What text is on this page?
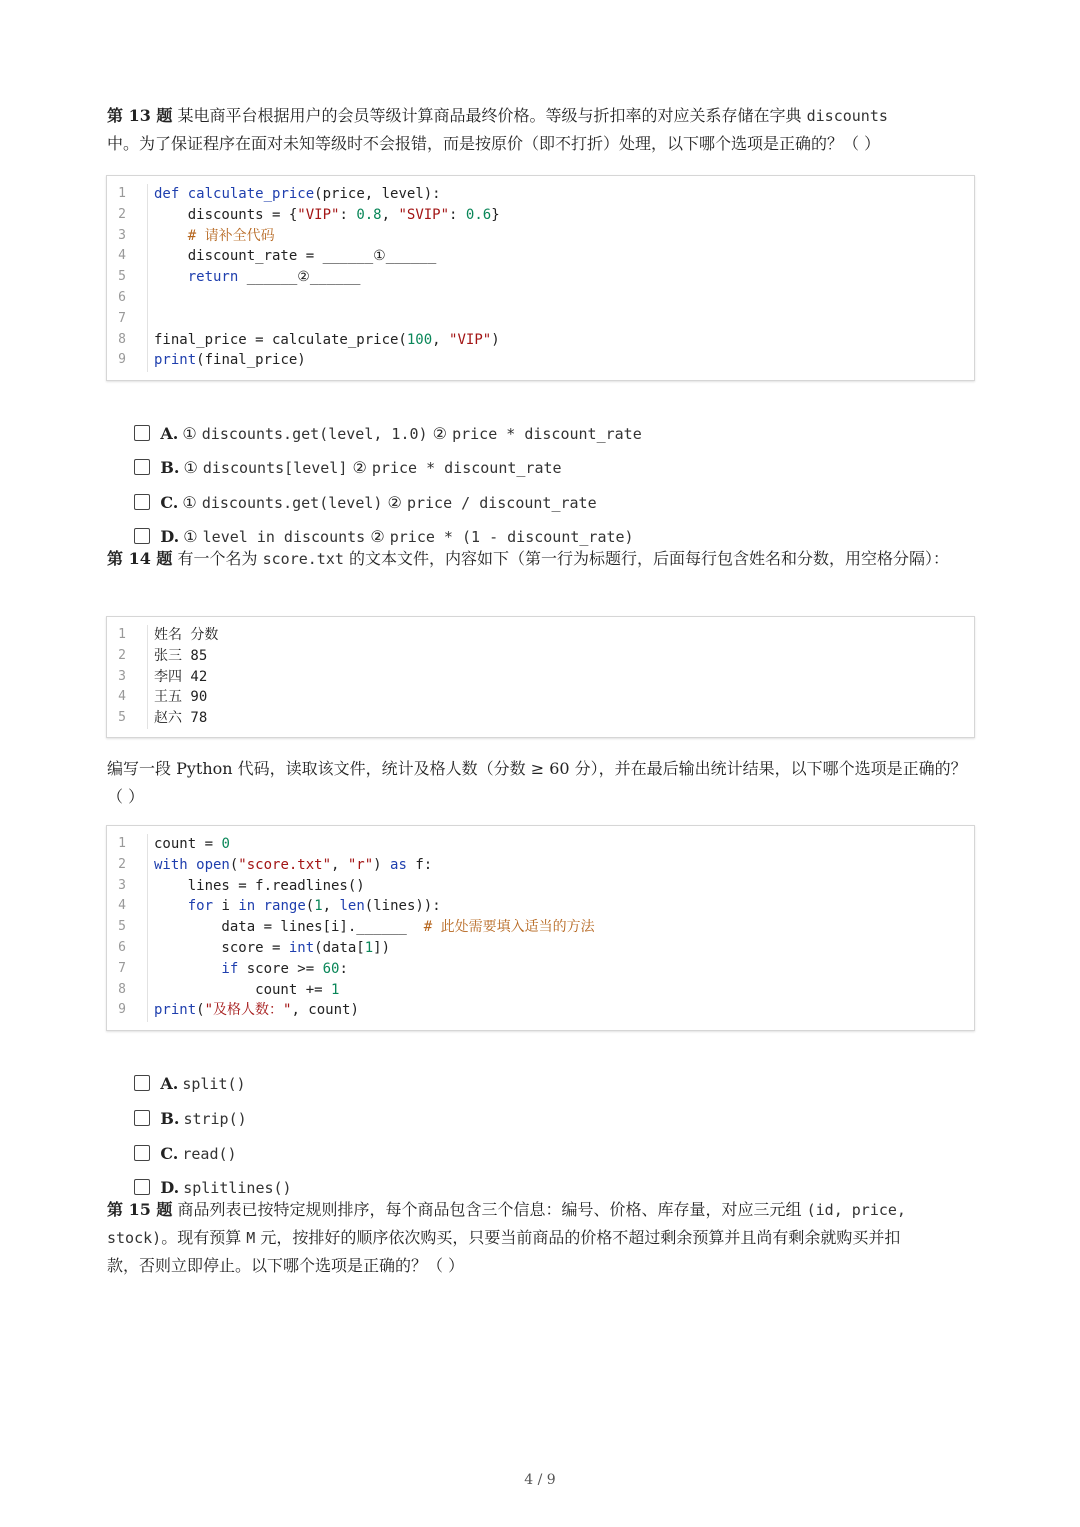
第 13 题 某电商平台根据用户的会员等级计算商品最终价格。等级与折扣率的对应关系存储在字典 discounts
中。为了保证程序在面对未知等级时不会报错，而是按原价（即不打折）处理，以下哪个选项是正确的？（ ）
1	def calculate_price(price, level):
2	discounts = {"VIP": 0.8, "SVIP": 0.6}
3	# 请补全代码
4	discount_rate = ______①______
5	return ______②______
6
7
8	final_price = calculate_price(100, "VIP")
9	print(final_price)

A. ① discounts.get(level, 1.0) ② price * discount_rate

B. ① discounts[level] ② price * discount_rate

C. ① discounts.get(level) ② price / discount_rate

D. ① level in discounts ② price * (1 - discount_rate)

第 14 题 有一个名为 score.txt 的文本文件，内容如下（第一行为标题行，后面每行包含姓名和分数，用空格分隔）：
1	姓名 分数
2	张三 85
3	李四 42
4	王五 90
5	赵六 78
编写一段 Python 代码，读取该文件，统计及格人数（分数 ≥ 60 分），并在最后输出统计结果，以下哪个选项是正确的？（ ）
1	count = 0
2	with open("score.txt", "r") as f:
3	lines = f.readlines()
4	for i in range(1, len(lines)):
5	data = lines[i].______  # 此处需要填入适当的方法
6	score = int(data[1])
7	if score >= 60:
8	count += 1
9	print("及格人数：", count)

A. split()

B. strip()

C. read()

D. splitlines()

第 15 题 商品列表已按特定规则排序，每个商品包含三个信息：编号、价格、库存量，对应三元组 (id, price,
stock)。现有预算 M 元，按排好的顺序依次购买，只要当前商品的价格不超过剩余预算并且尚有剩余就购买并扣
款，否则立即停止。以下哪个选项是正确的？（ ）
4 / 9
